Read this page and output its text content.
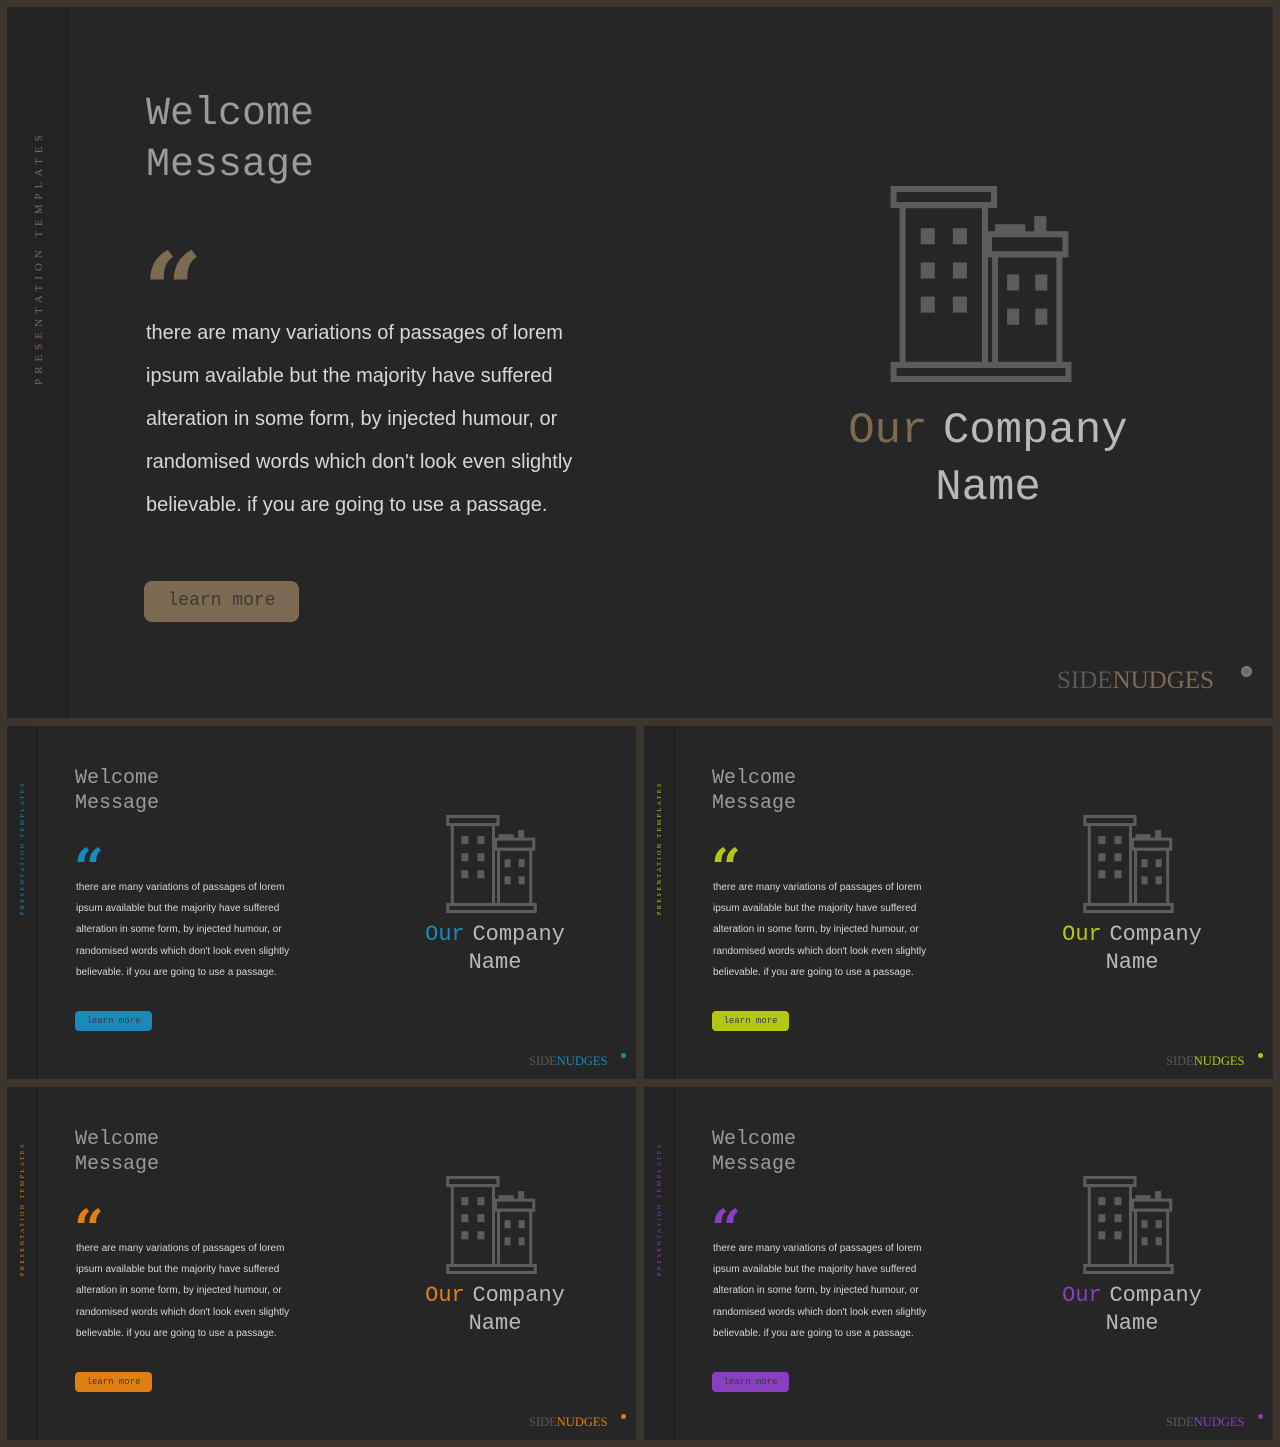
PRESENTATION TEMPLATES
Welcome
Message
“

there are many variations of passages of lorem ipsum available but the majority have suffered alteration in some form, by injected humour, or randomised words which don't look even slightly believable. if you are going to use a passage.

learn more
Our Company
Name
SIDENUDGES
PRESENTATION TEMPLATES
Welcome
Message
“

there are many variations of passages of lorem ipsum available but the majority have suffered alteration in some form, by injected humour, or randomised words which don't look even slightly believable. if you are going to use a passage.

learn more
Our Company
Name
SIDENUDGES
PRESENTATION TEMPLATES
Welcome
Message
“

there are many variations of passages of lorem ipsum available but the majority have suffered alteration in some form, by injected humour, or randomised words which don't look even slightly believable. if you are going to use a passage.

learn more
Our Company
Name
SIDENUDGES
PRESENTATION TEMPLATES
Welcome
Message
“

there are many variations of passages of lorem ipsum available but the majority have suffered alteration in some form, by injected humour, or randomised words which don't look even slightly believable. if you are going to use a passage.

learn more
Our Company
Name
SIDENUDGES
PRESENTATION TEMPLATES
Welcome
Message
“

there are many variations of passages of lorem ipsum available but the majority have suffered alteration in some form, by injected humour, or randomised words which don't look even slightly believable. if you are going to use a passage.

learn more
Our Company
Name
SIDENUDGES
